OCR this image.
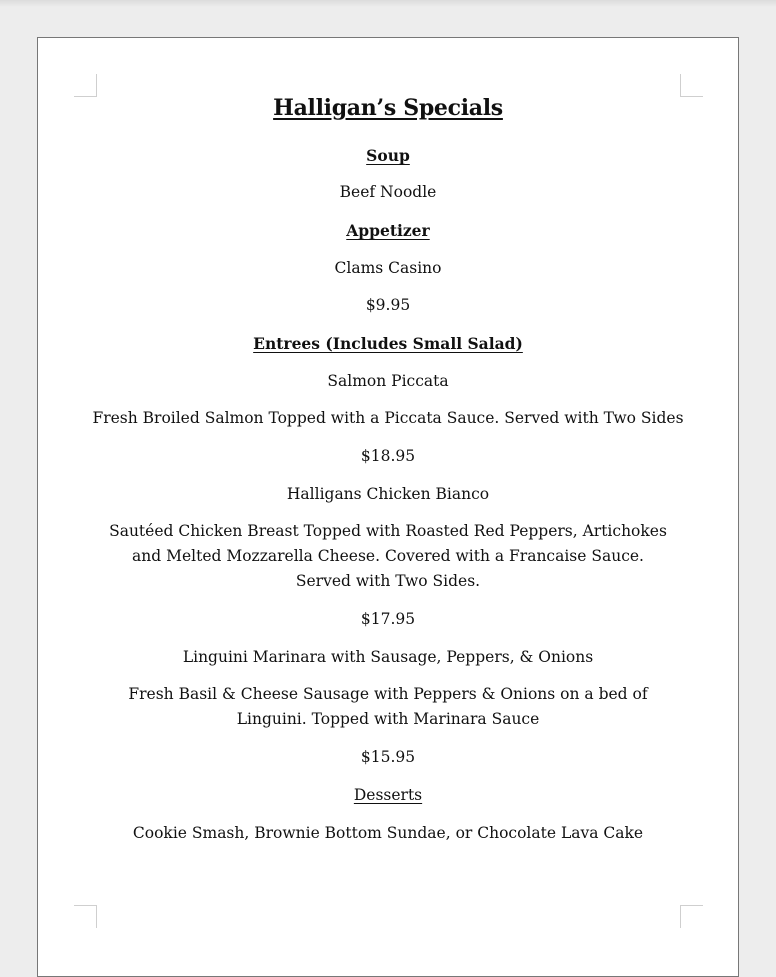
Halligan’s Specials
Soup
Beef Noodle
Appetizer
Clams Casino
$9.95
Entrees (Includes Small Salad)
Salmon Piccata
Fresh Broiled Salmon Topped with a Piccata Sauce. Served with Two Sides
$18.95
Halligans Chicken Bianco
Sautéed Chicken Breast Topped with Roasted Red Peppers, Artichokes and Melted Mozzarella Cheese. Covered with a Francaise Sauce. Served with Two Sides.
$17.95
Linguini Marinara with Sausage, Peppers, & Onions
Fresh Basil & Cheese Sausage with Peppers & Onions on a bed of Linguini. Topped with Marinara Sauce
$15.95
Desserts
Cookie Smash, Brownie Bottom Sundae, or Chocolate Lava Cake
